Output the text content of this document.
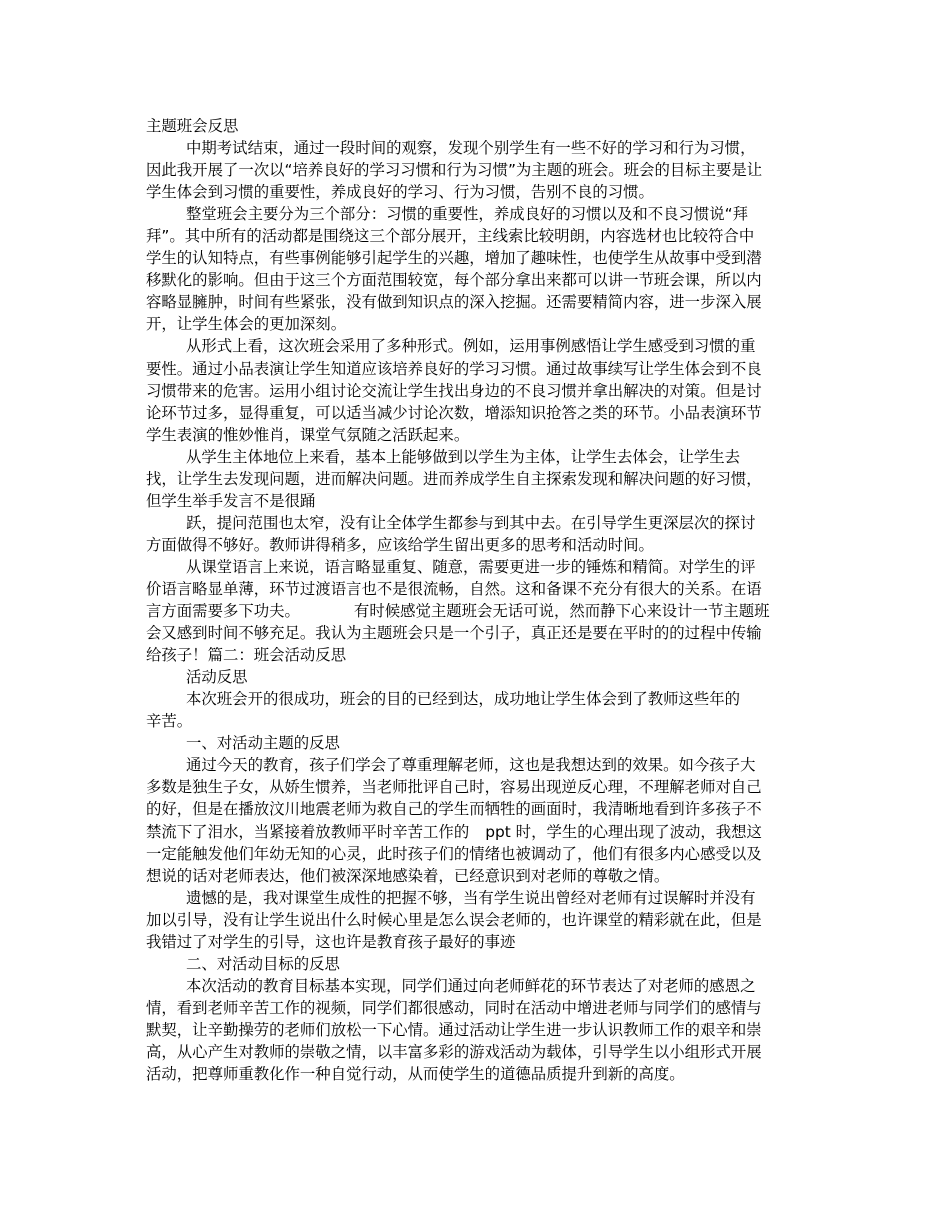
主题班会反思
中期考试结束，通过一段时间的观察，发现个别学生有一些不好的学习和行为习惯，
因此我开展了一次以“培养良好的学习习惯和行为习惯”为主题的班会。班会的目标主要是让
学生体会到习惯的重要性，养成良好的学习、行为习惯，告别不良的习惯。
整堂班会主要分为三个部分：习惯的重要性，养成良好的习惯以及和不良习惯说“拜
拜”。其中所有的活动都是围绕这三个部分展开，主线索比较明朗，内容选材也比较符合中
学生的认知特点，有些事例能够引起学生的兴趣，增加了趣味性，也使学生从故事中受到潜
移默化的影响。但由于这三个方面范围较宽，每个部分拿出来都可以讲一节班会课，所以内
容略显臃肿，时间有些紧张，没有做到知识点的深入挖掘。还需要精简内容，进一步深入展
开，让学生体会的更加深刻。
从形式上看，这次班会采用了多种形式。例如，运用事例感悟让学生感受到习惯的重
要性。通过小品表演让学生知道应该培养良好的学习习惯。通过故事续写让学生体会到不良
习惯带来的危害。运用小组讨论交流让学生找出身边的不良习惯并拿出解决的对策。但是讨
论环节过多，显得重复，可以适当减少讨论次数，增添知识抢答之类的环节。小品表演环节
学生表演的惟妙惟肖，课堂气氛随之活跃起来。
从学生主体地位上来看，基本上能够做到以学生为主体，让学生去体会，让学生去
找，让学生去发现问题，进而解决问题。进而养成学生自主探索发现和解决问题的好习惯，
但学生举手发言不是很踊
跃，提问范围也太窄，没有让全体学生都参与到其中去。在引导学生更深层次的探讨
方面做得不够好。教师讲得稍多，应该给学生留出更多的思考和活动时间。
从课堂语言上来说，语言略显重复、随意，需要更进一步的锤炼和精简。对学生的评
价语言略显单薄，环节过渡语言也不是很流畅，自然。这和备课不充分有很大的关系。在语
言方面需要多下功夫。	有时候感觉主题班会无话可说，然而静下心来设计一节主题班
会又感到时间不够充足。我认为主题班会只是一个引子，真正还是要在平时的的过程中传输
给孩子！篇二：班会活动反思
活动反思
本次班会开的很成功，班会的目的已经到达，成功地让学生体会到了教师这些年的
辛苦。
一、对活动主题的反思
通过今天的教育，孩子们学会了尊重理解老师，这也是我想达到的效果。如今孩子大
多数是独生子女，从娇生惯养，当老师批评自己时，容易出现逆反心理，不理解老师对自己
的好，但是在播放汶川地震老师为救自己的学生而牺牲的画面时，我清晰地看到许多孩子不
禁流下了泪水，当紧接着放教师平时辛苦工作的 ppt 时，学生的心理出现了波动，我想这
一定能触发他们年幼无知的心灵，此时孩子们的情绪也被调动了，他们有很多内心感受以及
想说的话对老师表达，他们被深深地感染着，已经意识到对老师的尊敬之情。
遗憾的是，我对课堂生成性的把握不够，当有学生说出曾经对老师有过误解时并没有
加以引导，没有让学生说出什么时候心里是怎么误会老师的，也许课堂的精彩就在此，但是
我错过了对学生的引导，这也许是教育孩子最好的事迹
二、对活动目标的反思
本次活动的教育目标基本实现，同学们通过向老师鲜花的环节表达了对老师的感恩之
情，看到老师辛苦工作的视频，同学们都很感动，同时在活动中增进老师与同学们的感情与
默契，让辛勤操劳的老师们放松一下心情。通过活动让学生进一步认识教师工作的艰辛和崇
高，从心产生对教师的崇敬之情，以丰富多彩的游戏活动为载体，引导学生以小组形式开展
活动，把尊师重教化作一种自觉行动，从而使学生的道德品质提升到新的高度。
